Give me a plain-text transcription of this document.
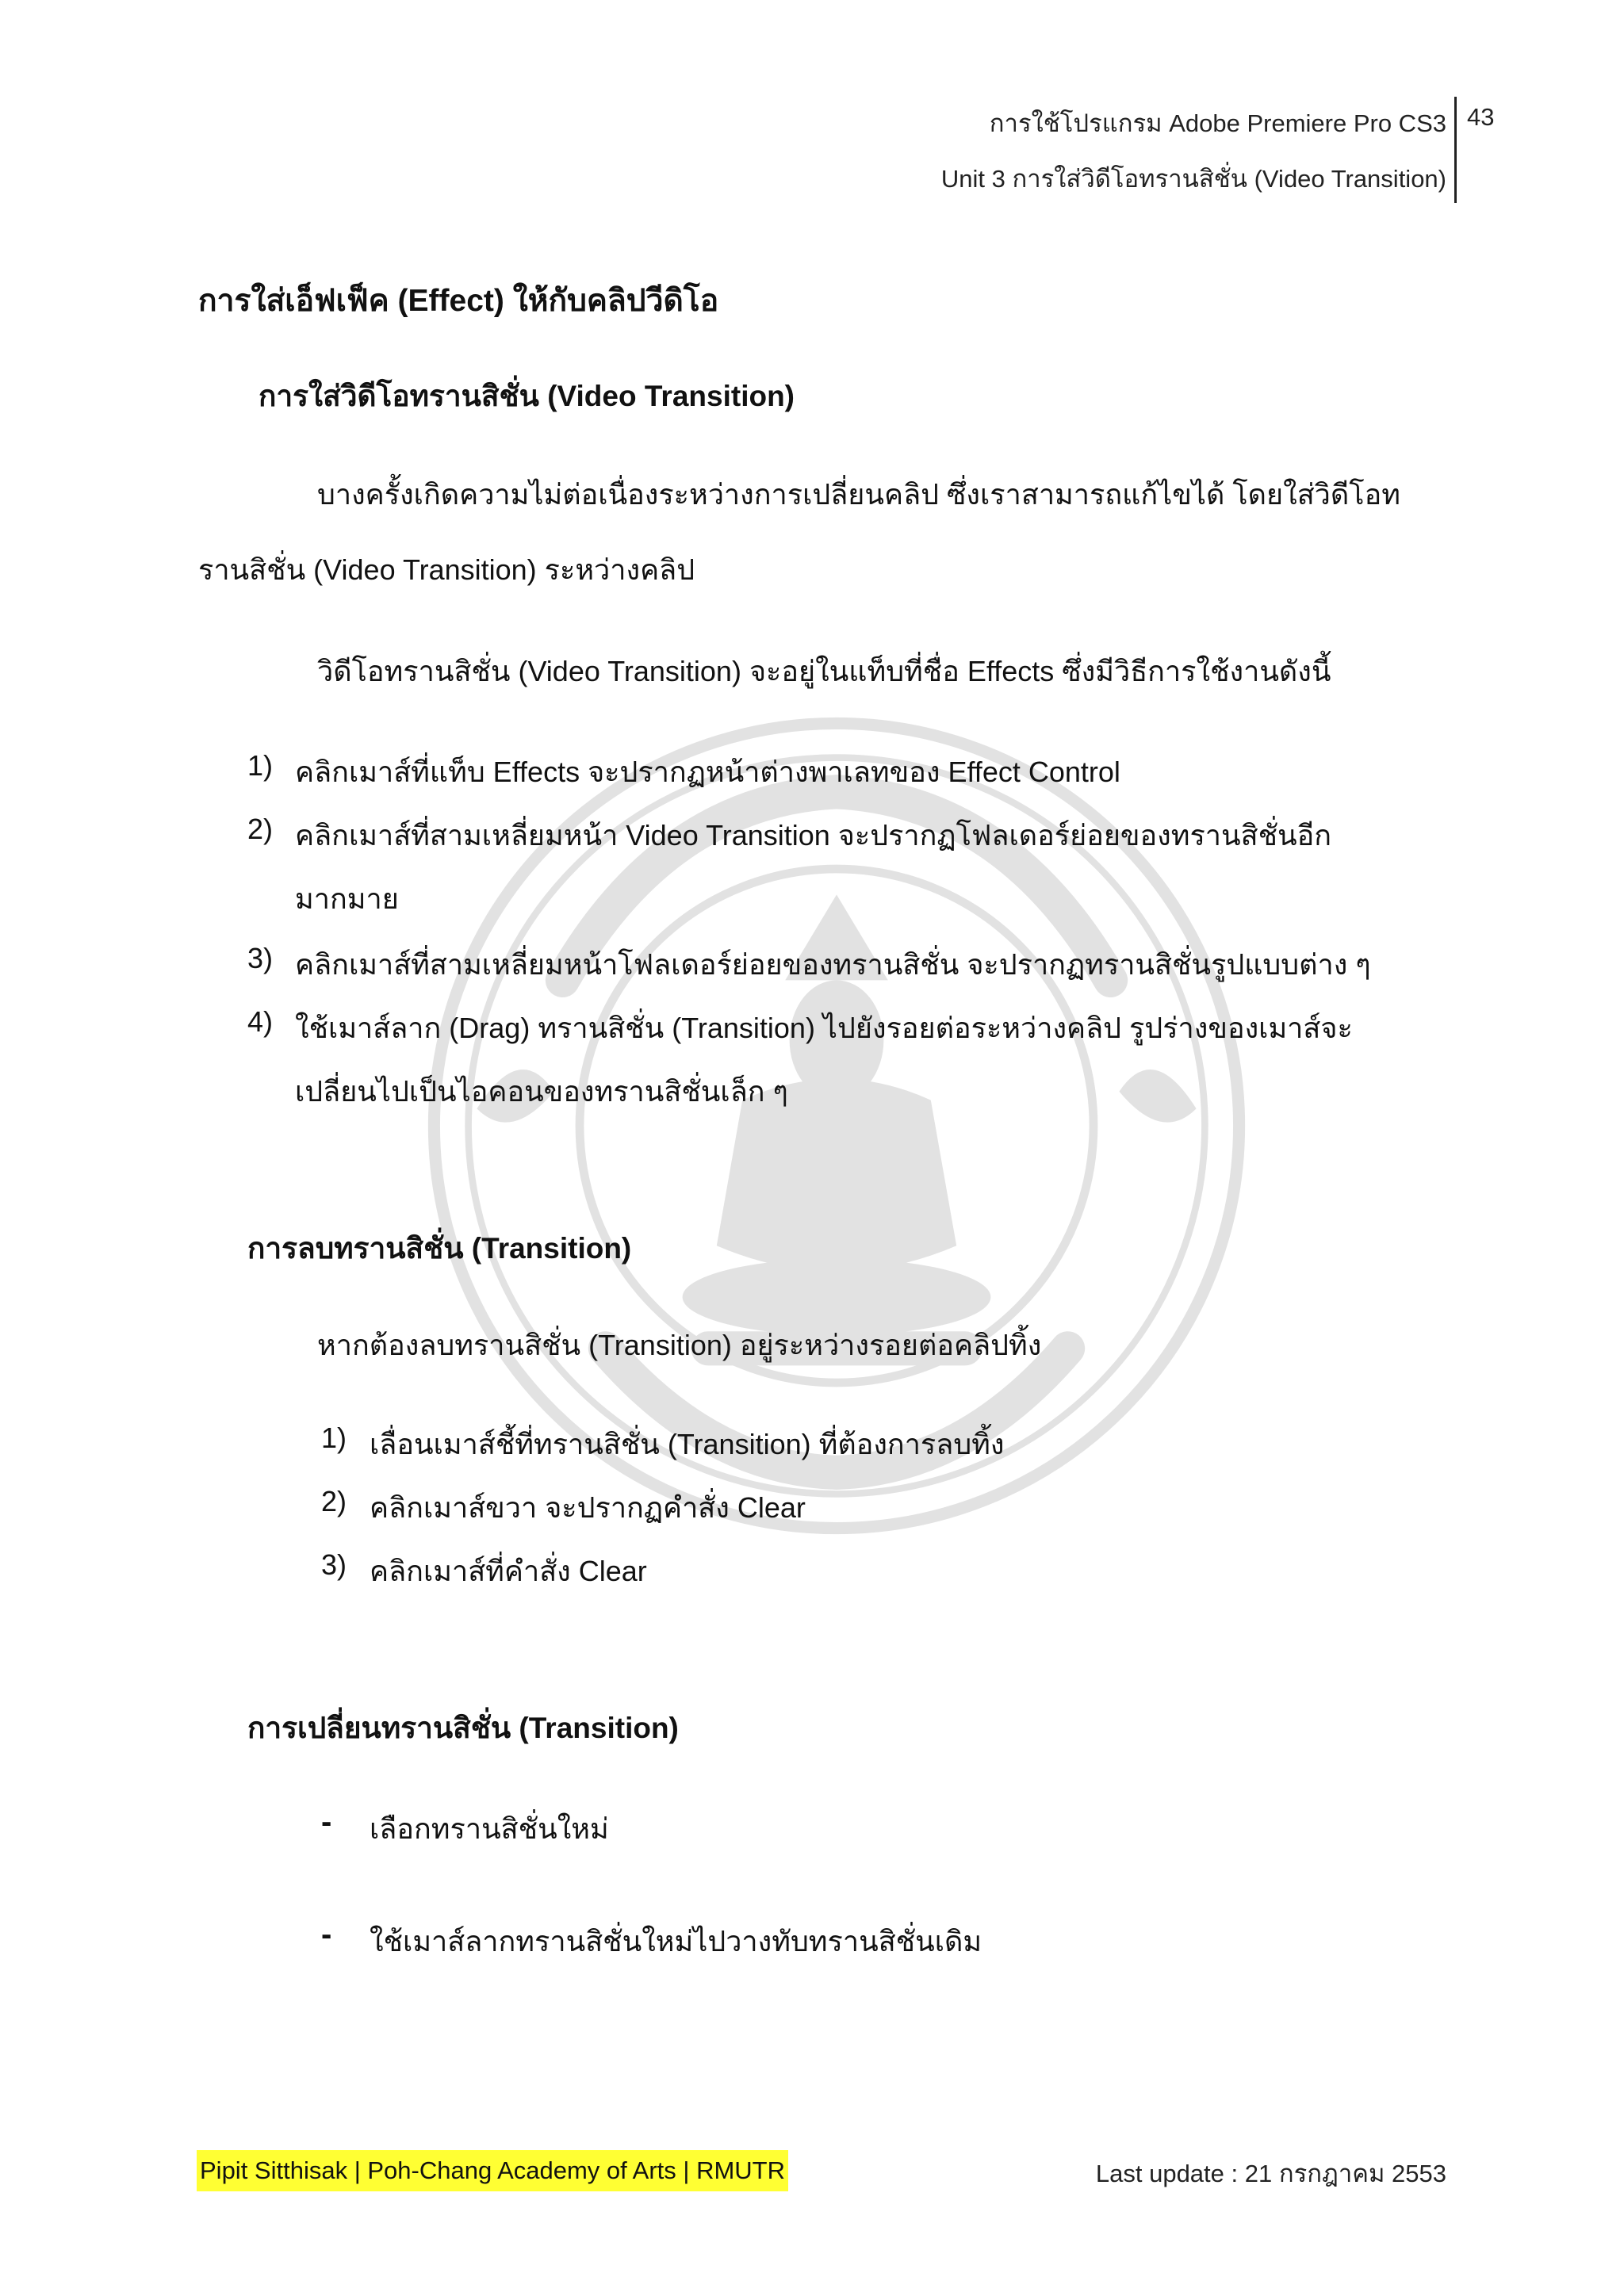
การใช้โปรแกรม Adobe Premiere Pro CS3
Unit 3 การใส่วิดีโอทรานสิชั่น (Video Transition)
43
การใส่เอ็ฟเฟ็ค (Effect) ให้กับคลิปวีดิโอ
การใส่วิดีโอทรานสิชั่น (Video Transition)
บางครั้งเกิดความไม่ต่อเนื่องระหว่างการเปลี่ยนคลิป ซึ่งเราสามารถแก้ไขได้ โดยใส่วิดีโอท
รานสิชั่น (Video Transition) ระหว่างคลิป
วิดีโอทรานสิชั่น (Video Transition) จะอยู่ในแท็บที่ชื่อ Effects ซึ่งมีวิธีการใช้งานดังนี้
1) คลิกเมาส์ที่แท็บ Effects จะปรากฏหน้าต่างพาเลทของ Effect Control
2) คลิกเมาส์ที่สามเหลี่ยมหน้า Video Transition จะปรากฏโฟลเดอร์ย่อยของทรานสิชั่นอีก
มากมาย
3) คลิกเมาส์ที่สามเหลี่ยมหน้าโฟลเดอร์ย่อยของทรานสิชั่น จะปรากฏทรานสิชั่นรูปแบบต่าง ๆ
4) ใช้เมาส์ลาก (Drag) ทรานสิชั่น (Transition) ไปยังรอยต่อระหว่างคลิป รูปร่างของเมาส์จะ
เปลี่ยนไปเป็นไอคอนของทรานสิชั่นเล็ก ๆ
การลบทรานสิชั่น (Transition)
หากต้องลบทรานสิชั่น (Transition) อยู่ระหว่างรอยต่อคลิปทิ้ง
1) เลื่อนเมาส์ชี้ที่ทรานสิชั่น (Transition) ที่ต้องการลบทิ้ง
2) คลิกเมาส์ขวา จะปรากฏคำสั่ง Clear
3) คลิกเมาส์ที่คำสั่ง Clear
การเปลี่ยนทรานสิชั่น (Transition)
- เลือกทรานสิชั่นใหม่
- ใช้เมาส์ลากทรานสิชั่นใหม่ไปวางทับทรานสิชั่นเดิม
Pipit Sitthisak | Poh-Chang Academy of Arts | RMUTR	Last update : 21 กรกฎาคม 2553
